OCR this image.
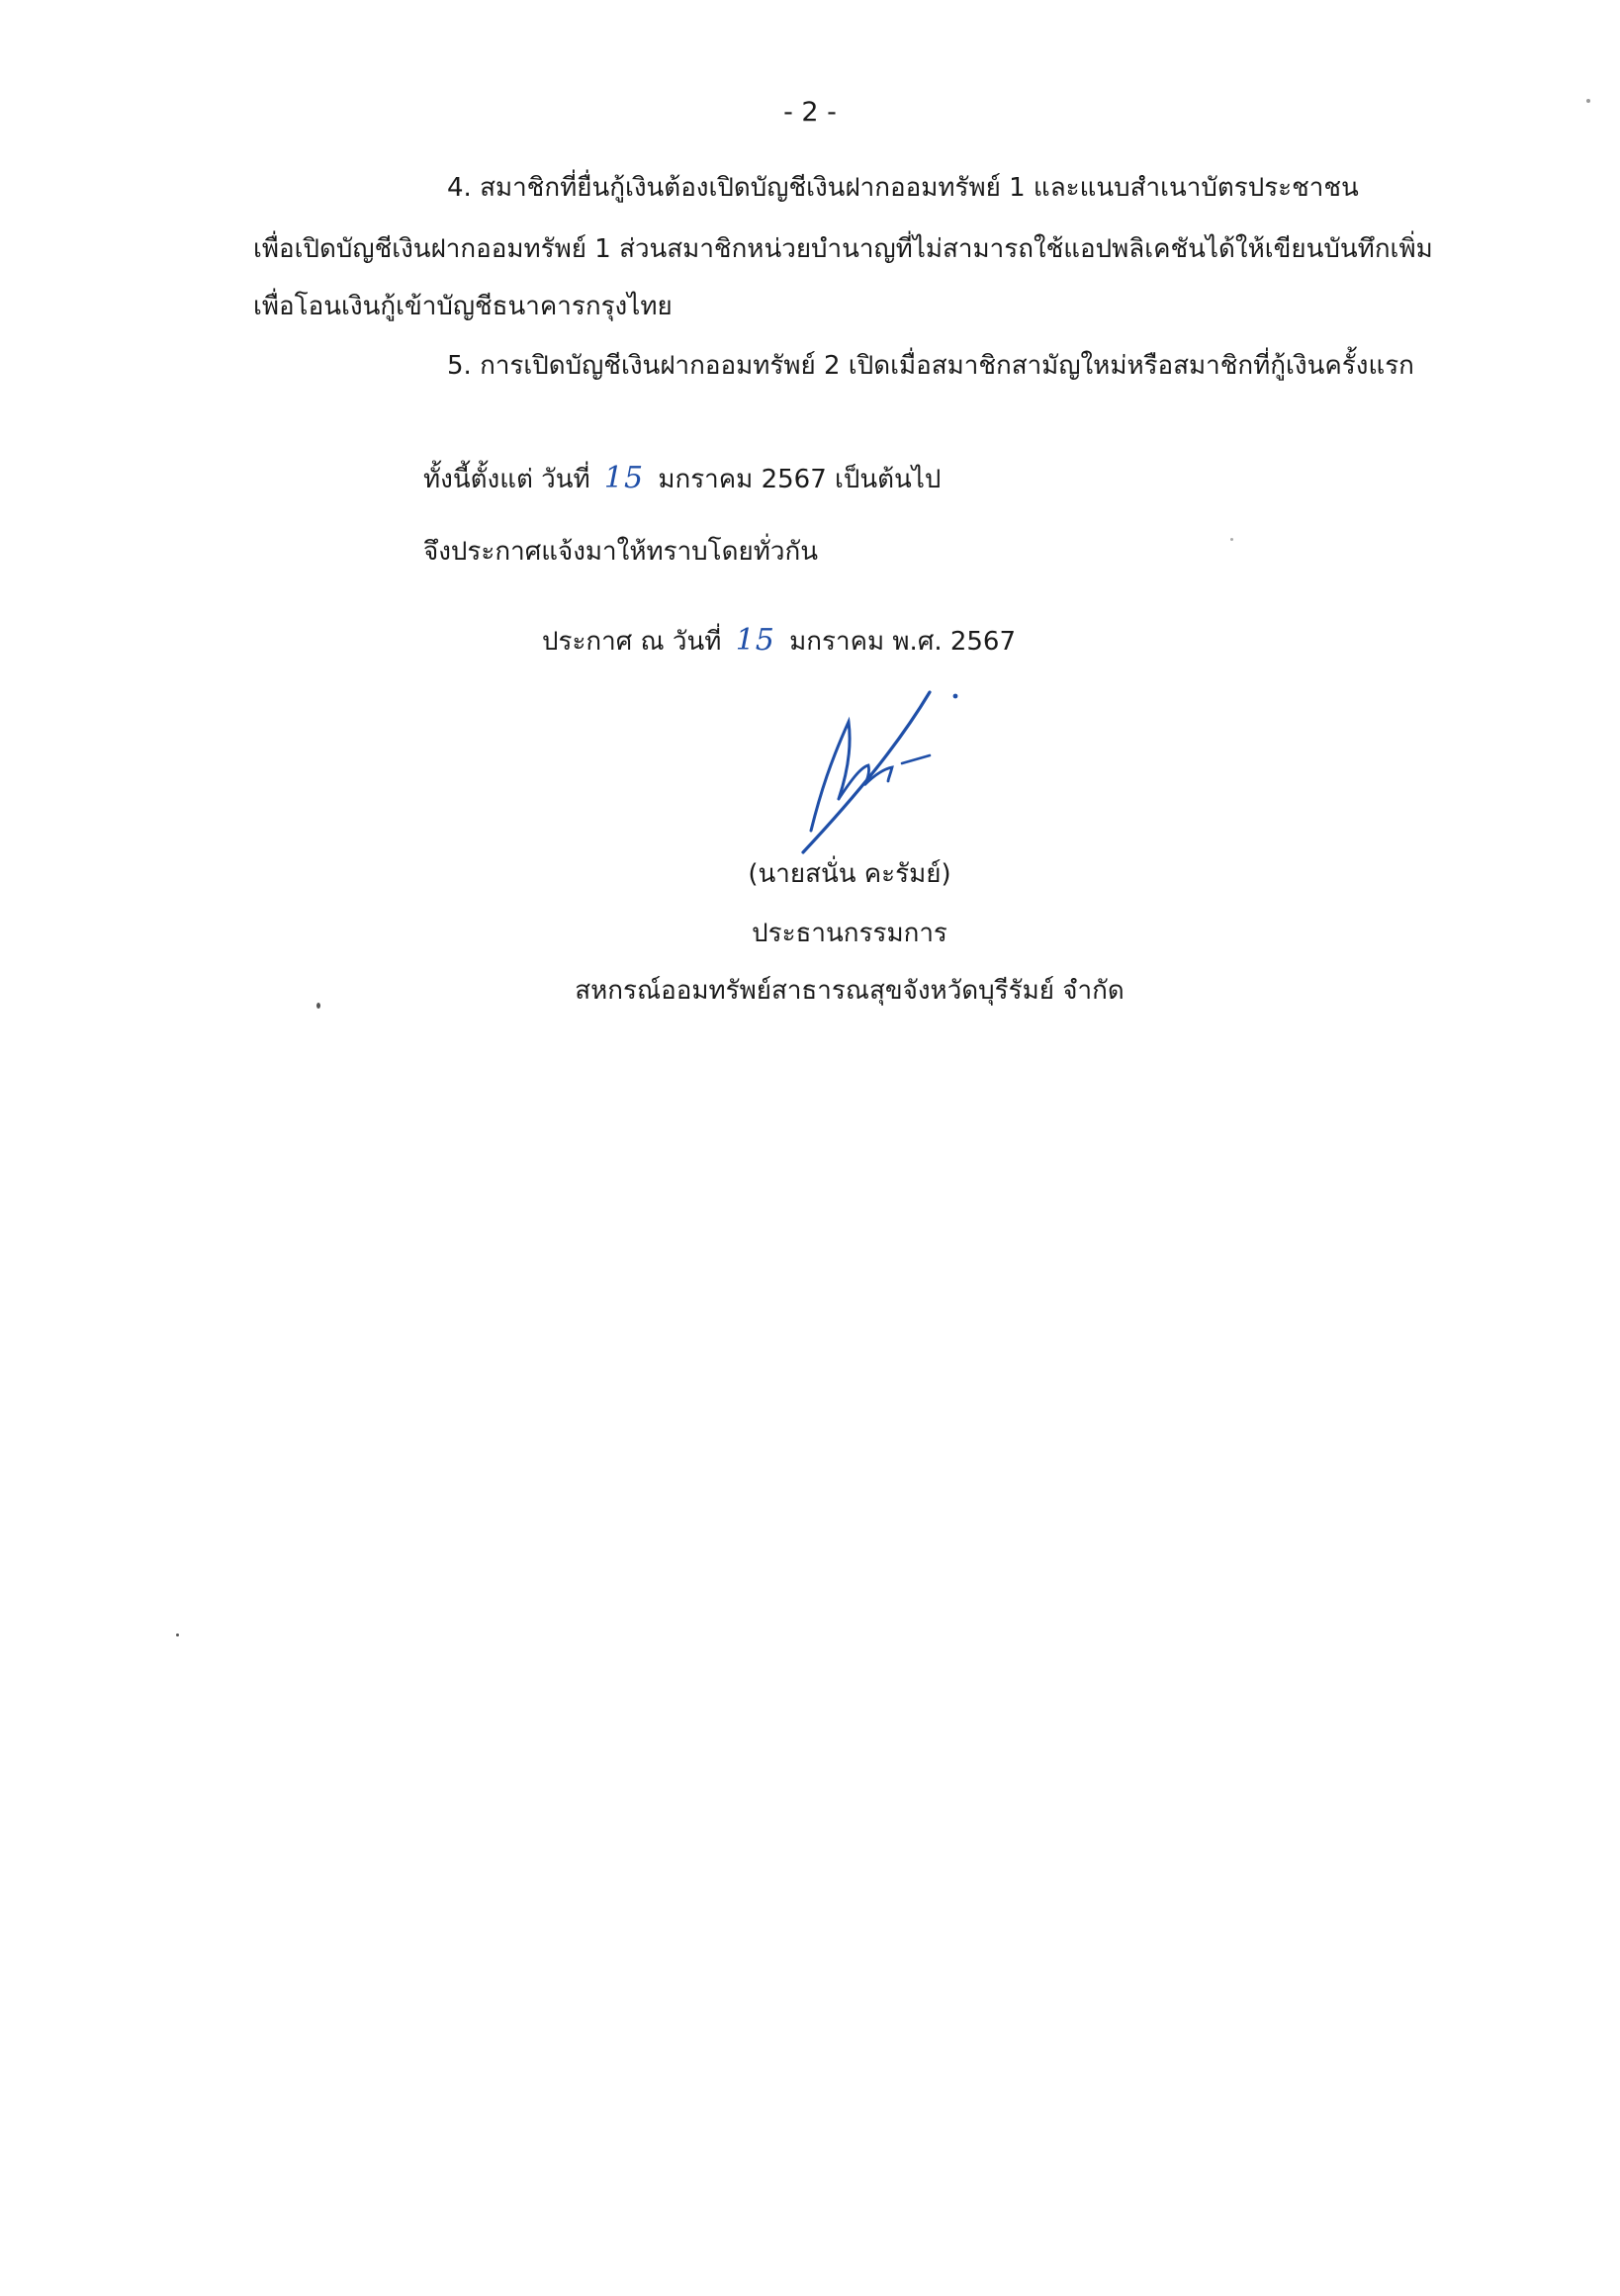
- 2 -
4. สมาชิกที่ยื่นกู้เงินต้องเปิดบัญชีเงินฝากออมทรัพย์ 1 และแนบสำเนาบัตรประชาชน
เพื่อเปิดบัญชีเงินฝากออมทรัพย์ 1 ส่วนสมาชิกหน่วยบำนาญที่ไม่สามารถใช้แอปพลิเคชันได้ให้เขียนบันทึกเพิ่ม
เพื่อโอนเงินกู้เข้าบัญชีธนาคารกรุงไทย
5. การเปิดบัญชีเงินฝากออมทรัพย์ 2 เปิดเมื่อสมาชิกสามัญใหม่หรือสมาชิกที่กู้เงินครั้งแรก
ทั้งนี้ตั้งแต่ วันที่ 15 มกราคม 2567 เป็นต้นไป
จึงประกาศแจ้งมาให้ทราบโดยทั่วกัน
ประกาศ ณ วันที่ 15 มกราคม พ.ศ. 2567
(นายสนั่น คะรัมย์)
ประธานกรรมการ
สหกรณ์ออมทรัพย์สาธารณสุขจังหวัดบุรีรัมย์ จำกัด
